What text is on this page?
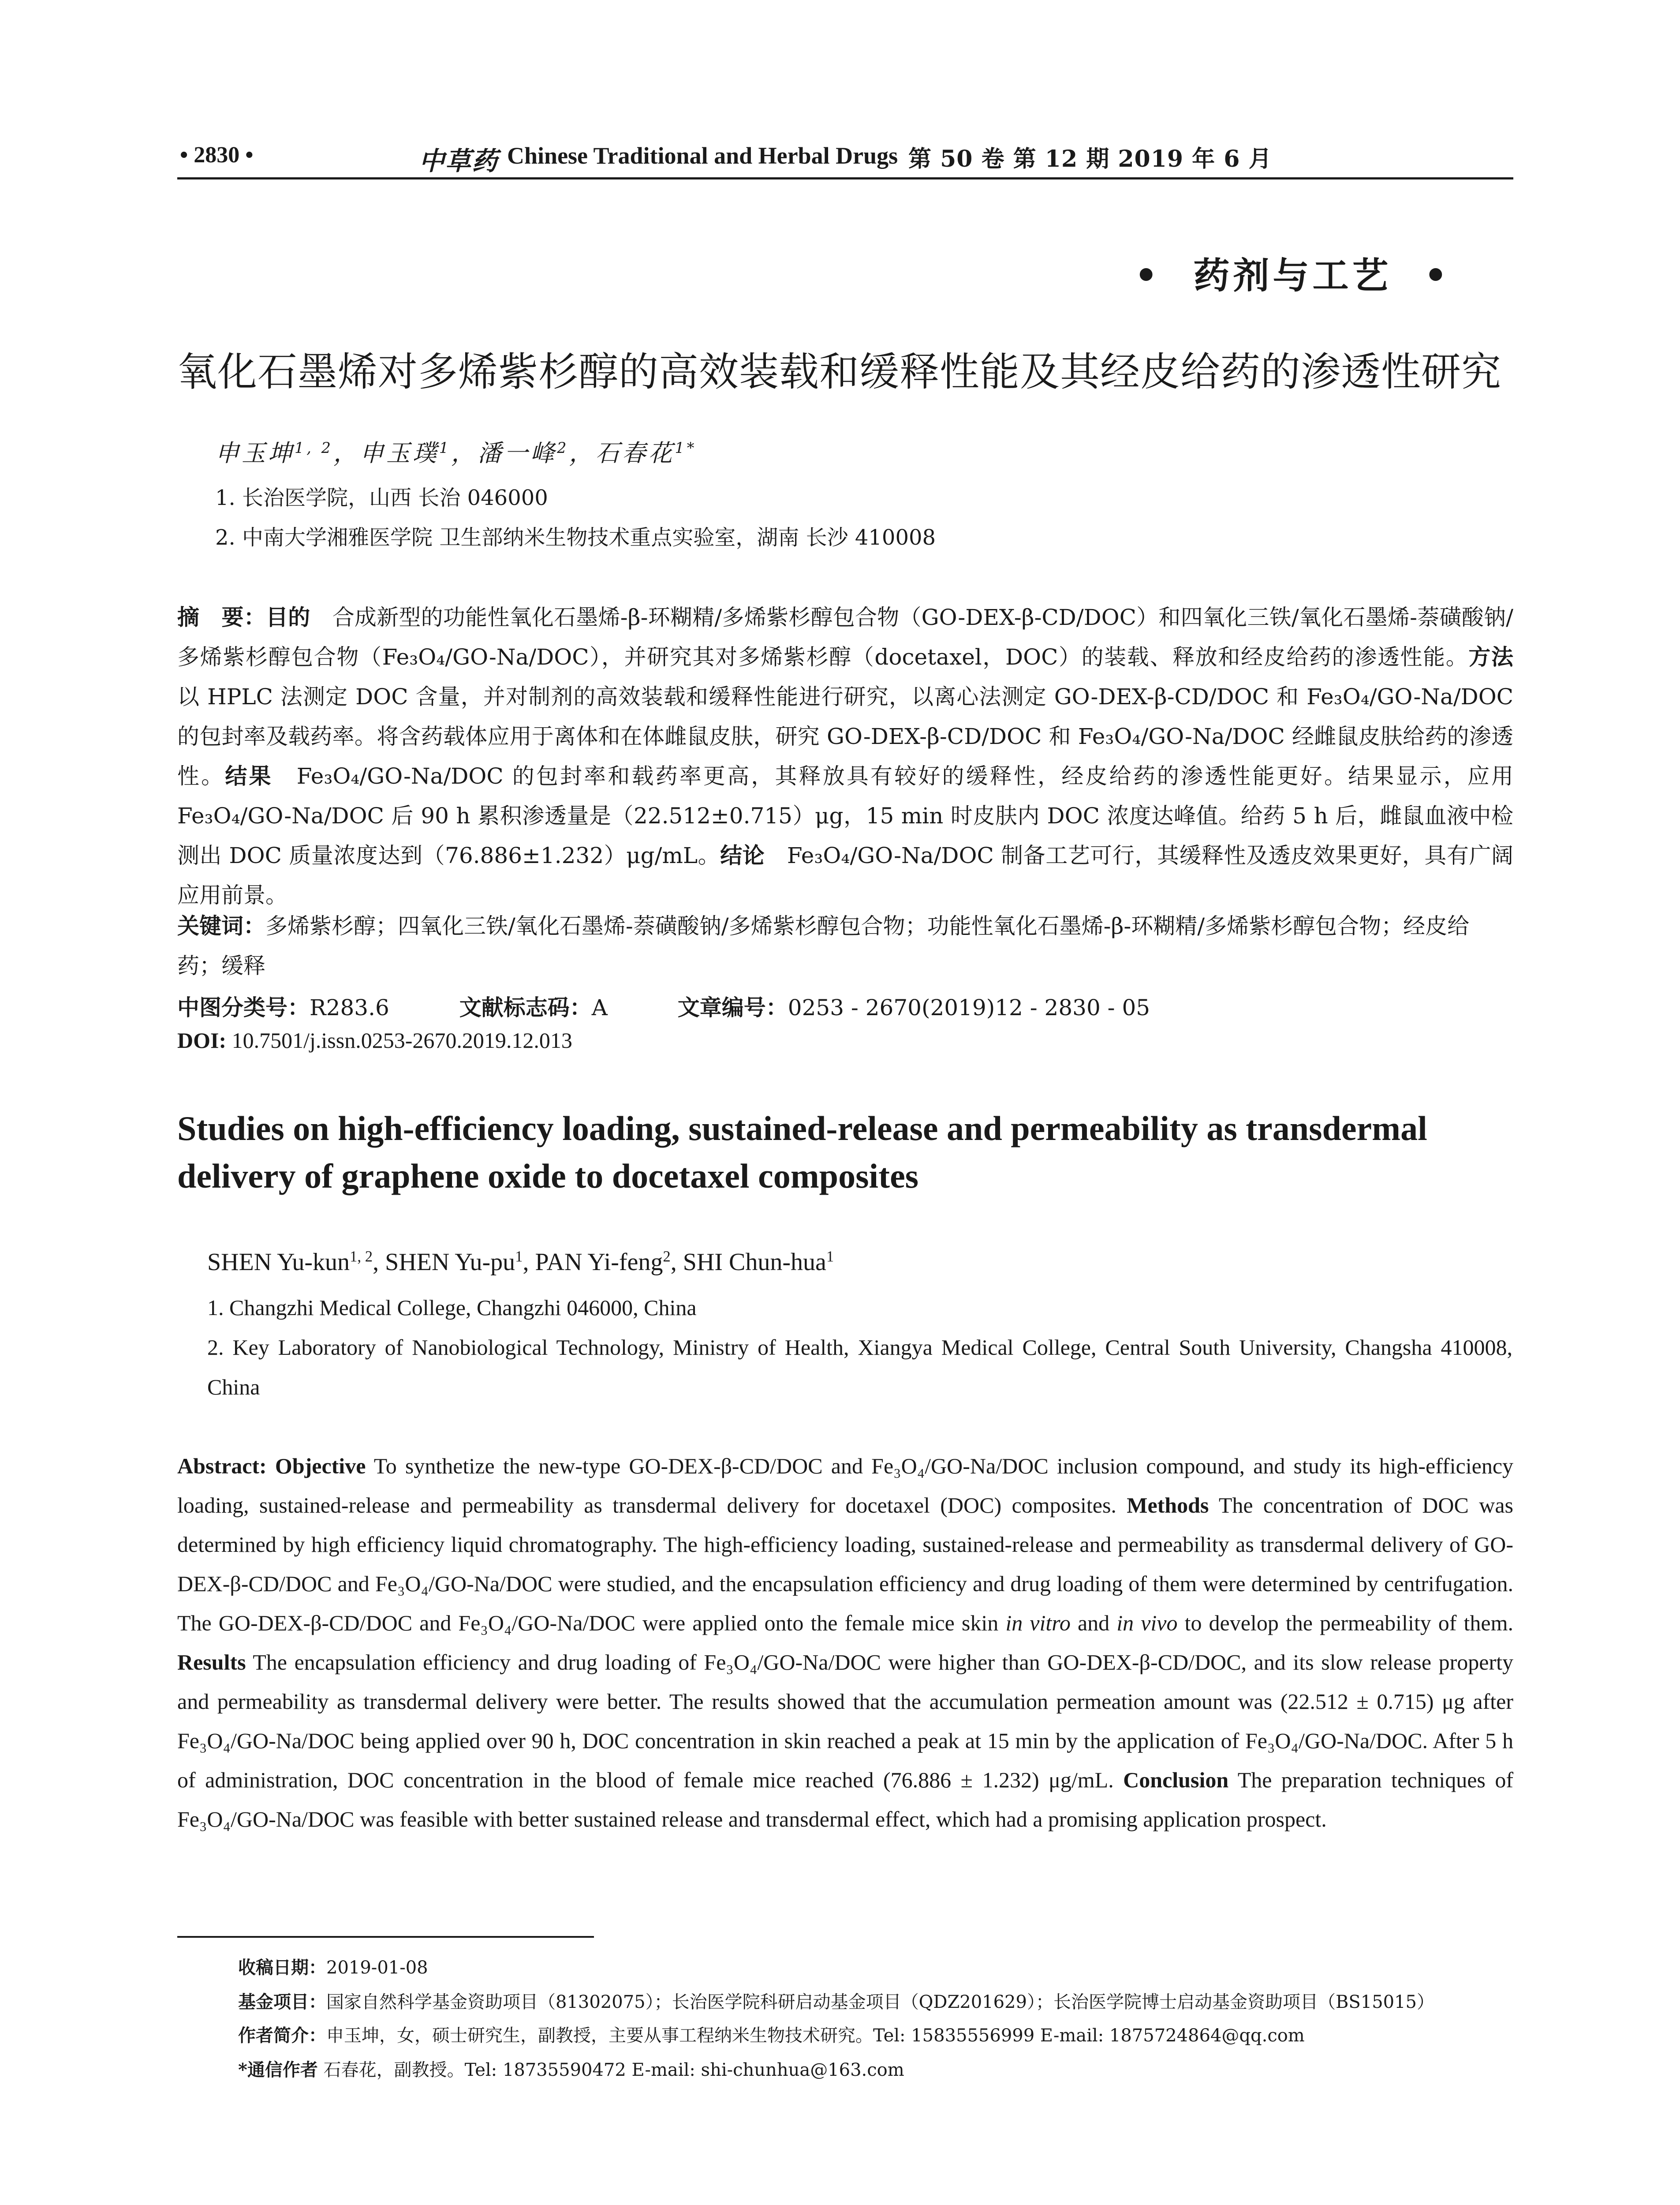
• 2830 •	中草药 Chinese Traditional and Herbal Drugs 第 50 卷 第 12 期 2019 年 6 月
•  药剂与工艺  •
氧化石墨烯对多烯紫杉醇的高效装载和缓释性能及其经皮给药的渗透性研究
申玉坤$^{1, 2}$，申玉璞$^1$，潘一峰$^2$，石春花$^{1*}$
1. 长治医学院，山西 长治 046000
2. 中南大学湘雅医学院 卫生部纳米生物技术重点实验室，湖南 长沙 410008
摘　要：目的　 合成新型的功能性氧化石墨烯-β-环糊精/多烯紫杉醇包合物（GO-DEX-β-CD/DOC）和四氧化三铁/氧化石墨烯-萘磺酸钠/多烯紫杉醇包合物（Fe₃O₄/GO-Na/DOC），并研究其对多烯紫杉醇（docetaxel，DOC）的装载、释放和经皮给药的渗透性能。方法　以 HPLC 法测定 DOC 含量，并对制剂的高效装载和缓释性能进行研究，以离心法测定 GO-DEX-β-CD/DOC 和 Fe₃O₄/GO-Na/DOC 的包封率及载药率。将含药载体应用于离体和在体雌鼠皮肤，研究 GO-DEX-β-CD/DOC 和 Fe₃O₄/GO-Na/DOC 经雌鼠皮肤给药的渗透性。结果　 Fe₃O₄/GO-Na/DOC 的包封率和载药率更高，其释放具有较好的缓释性，经皮给药的渗透性能更好。结果显示，应用 Fe₃O₄/GO-Na/DOC 后 90 h 累积渗透量是（22.512±0.715）μg，15 min 时皮肤内 DOC 浓度达峰值。给药 5 h 后，雌鼠血液中检测出 DOC 质量浓度达到（76.886±1.232）μg/mL。结论　 Fe₃O₄/GO-Na/DOC 制备工艺可行，其缓释性及透皮效果更好，具有广阔应用前景。
关键词：多烯紫杉醇；四氧化三铁/氧化石墨烯-萘磺酸钠/多烯紫杉醇包合物；功能性氧化石墨烯-β-环糊精/多烯紫杉醇包合物；经皮给药；缓释
中图分类号：R283.6	文献标志码：A	文章编号：0253 - 2670(2019)12 - 2830 - 05
DOI: 10.7501/j.issn.0253-2670.2019.12.013
Studies on high-efficiency loading, sustained-release and permeability as transdermal delivery of graphene oxide to docetaxel composites
SHEN Yu-kun$^{1, 2}$, SHEN $Yu-pu^1$, PAN Yi-feng$^2$, SHI Chun-hua$^1$
1. Changzhi Medical College, Changzhi 046000, China
2. Key Laboratory of Nanobiological Technology, Ministry of Health, Xiangya Medical College, Central South University, Changsha 410008, China
Abstract: Objective To synthetize the new-type GO-DEX-β-CD/DOC and Fe₃O₄/GO-Na/DOC inclusion compound, and study its high-efficiency loading, sustained-release and permeability as transdermal delivery for docetaxel (DOC) composites. Methods The concentration of DOC was determined by high efficiency liquid chromatography. The high-efficiency loading, sustained-release and permeability as transdermal delivery of GO-DEX-β-CD/DOC and Fe₃O₄/GO-Na/DOC were studied, and the encapsulation efficiency and drug loading of them were determined by centrifugation. The GO-DEX-β-CD/DOC and Fe₃O₄/GO-Na/DOC were applied onto the female mice skin in vitro and in vivo to develop the permeability of them. Results The encapsulation efficiency and drug loading of Fe₃O₄/GO-Na/DOC were higher than GO-DEX-β-CD/DOC, and its slow release property and permeability as transdermal delivery were better. The results showed that the accumulation permeation amount was (22.512 ± 0.715) μg after Fe₃O₄/GO-Na/DOC being applied over 90 h, DOC concentration in skin reached a peak at 15 min by the application of Fe₃O₄/GO-Na/DOC. After 5 h of administration, DOC concentration in the blood of female mice reached (76.886 ± 1.232) μg/mL. Conclusion The preparation techniques of Fe₃O₄/GO-Na/DOC was feasible with better sustained release and transdermal effect, which had a promising application prospect.
收稿日期：2019-01-08
基金项目：国家自然科学基金资助项目（81302075）；长治医学院科研启动基金项目（QDZ201629）；长治医学院博士启动基金资助项目（BS15015）
作者简介：申玉坤，女，硕士研究生，副教授，主要从事工程纳米生物技术研究。Tel: 15835556999 E-mail: 1875724864@qq.com
*通信作者 石春花，副教授。Tel: 18735590472 E-mail: shi-chunhua@163.com
